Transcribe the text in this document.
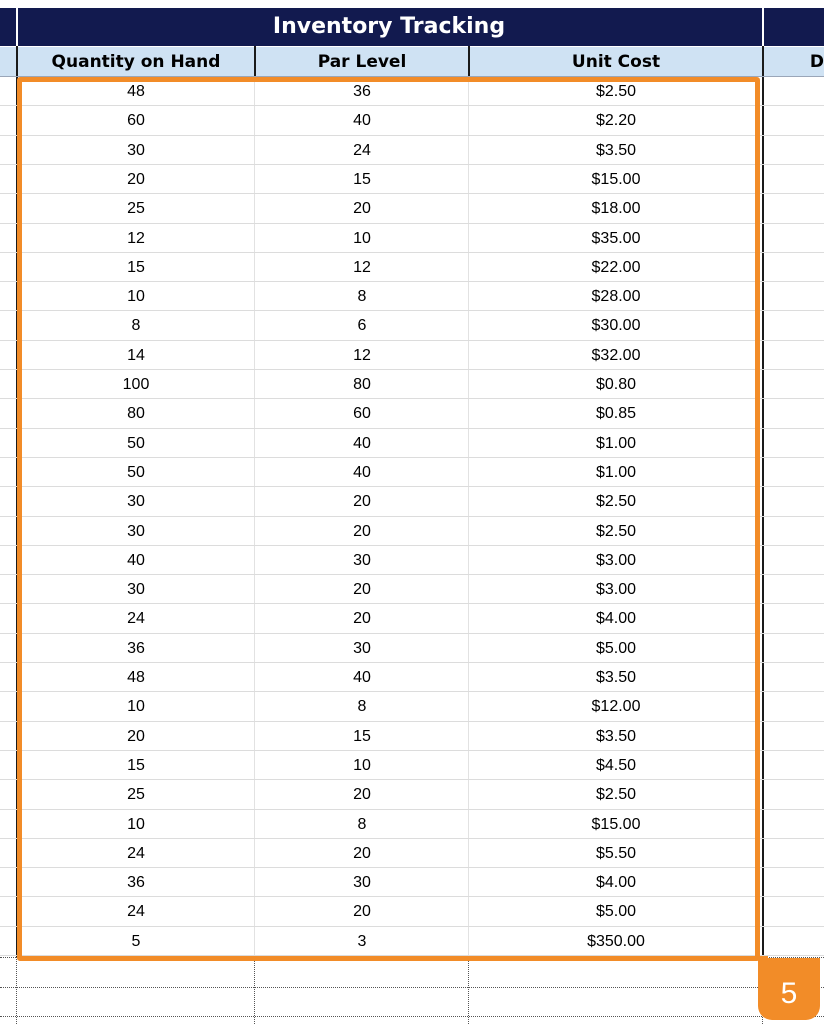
Inventory Tracking
Quantity on Hand	Par Level	Unit Cost	D
48	36	$2.50
60	40	$2.20
30	24	$3.50
20	15	$15.00
25	20	$18.00
12	10	$35.00
15	12	$22.00
10	8	$28.00
8	6	$30.00
14	12	$32.00
100	80	$0.80
80	60	$0.85
50	40	$1.00
50	40	$1.00
30	20	$2.50
30	20	$2.50
40	30	$3.00
30	20	$3.00
24	20	$4.00
36	30	$5.00
48	40	$3.50
10	8	$12.00
20	15	$3.50
15	10	$4.50
25	20	$2.50
10	8	$15.00
24	20	$5.50
36	30	$4.00
24	20	$5.00
5	3	$350.00
5
